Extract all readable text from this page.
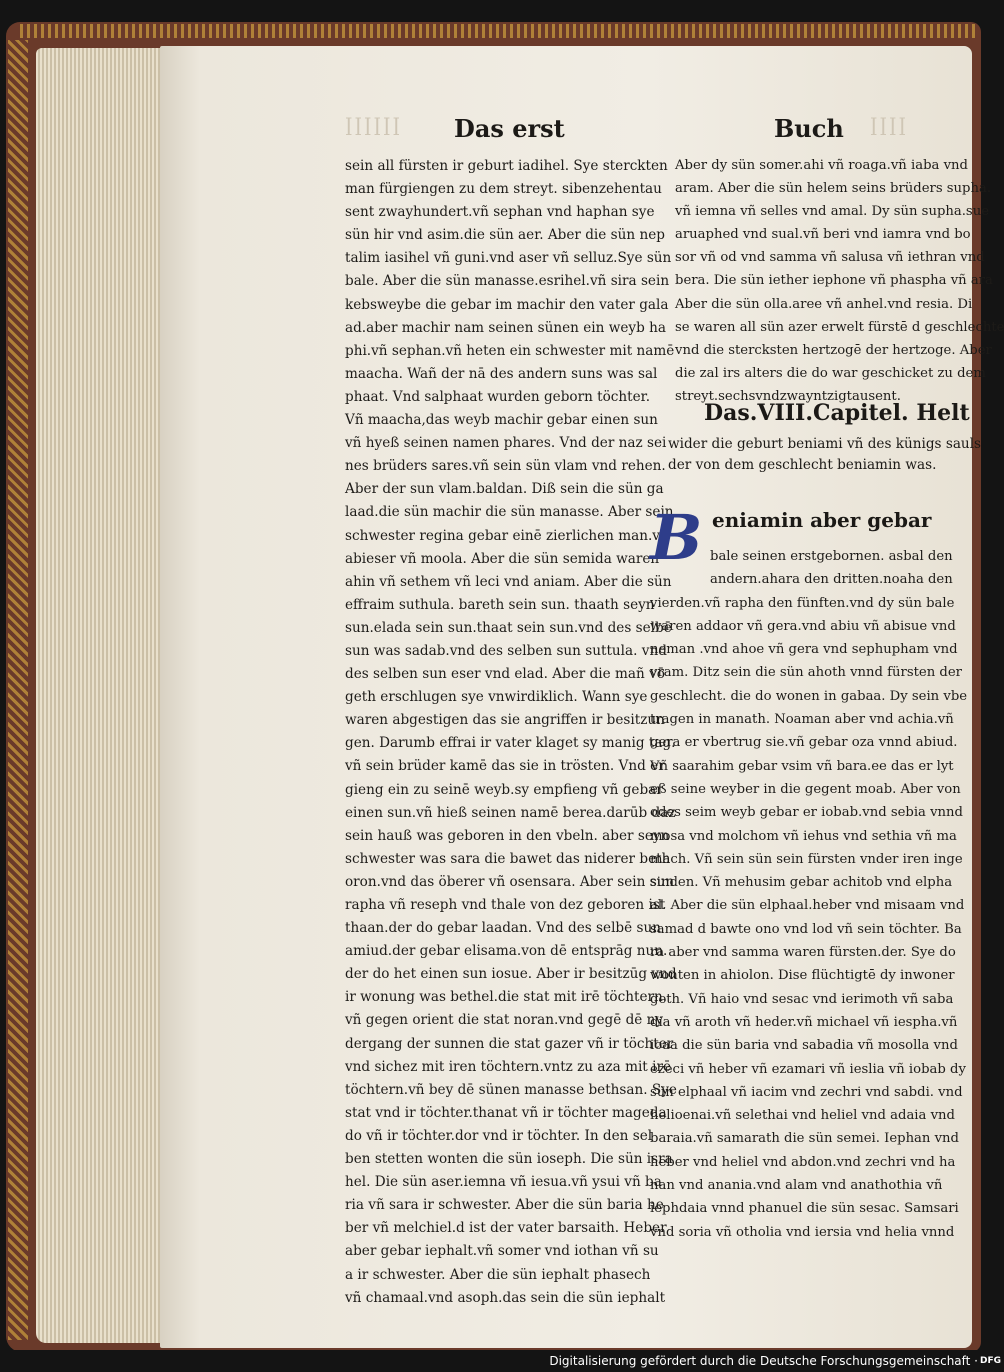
ꟾꟾꟾꟾꟾꟾ	ꟾꟾꟾꟾ
Das erst	Buch
sein all fürsten ir geburt iadihel. Sye sterckten
man fürgiengen zu dem streyt. sibenzehentau
sent zwayhundert.vñ sephan vnd haphan sye
sün hir vnd asim.die sün aer. Aber die sün nep
talim iasihel vñ guni.vnd aser vñ selluz.Sye sün
bale. Aber die sün manasse.esrihel.vñ sira sein
kebsweybe die gebar im machir den vater gala
ad.aber machir nam seinen sünen ein weyb ha
phi.vñ sephan.vñ heten ein schwester mit namē
maacha. Wañ der nā des andern suns was sal
phaat. Vnd salphaat wurden geborn töchter.
Vñ maacha,das weyb machir gebar einen sun
vñ hyeß seinen namen phares. Vnd der naz sei
nes brüders sares.vñ sein sün vlam vnd rehen.
Aber der sun vlam.baldan. Diß sein die sün ga
laad.die sün machir die sün manasse. Aber sein
schwester regina gebar einē zierlichen man.vñ
abieser vñ moola. Aber die sün semida waren
ahin vñ sethem vñ leci vnd aniam. Aber die sün
effraim suthula. bareth sein sun. thaath seyn
sun.elada sein sun.thaat sein sun.vnd des selbē
sun was sadab.vnd des selben sun suttula. vnd
des selben sun eser vnd elad. Aber die mañ vō
geth erschlugen sye vnwirdiklich. Wann sye
waren abgestigen das sie angriffen ir besitzun
gen. Darumb effrai ir vater klaget sy manig tag.
vñ sein brüder kamē das sie in trösten. Vnd er
gieng ein zu seinē weyb.sy empfieng vñ gebar
einen sun.vñ hieß seinen namē berea.darūb daz
sein hauß was geboren in den vbeln. aber seyn
schwester was sara die bawet das niderer beth
oron.vnd das öberer vñ osensara. Aber sein sun
rapha vñ reseph vnd thale von dez geboren ist
thaan.der do gebar laadan. Vnd des selbē sun
amiud.der gebar elisama.von dē entsprāg nun.
der do het einen sun iosue. Aber ir besitzūg vnd
ir wonung was bethel.die stat mit irē töchtern.
vñ gegen orient die stat noran.vnd gegē dē ny
dergang der sunnen die stat gazer vñ ir töchter
vnd sichez mit iren töchtern.vntz zu aza mit irē
töchtern.vñ bey dē sünen manasse bethsan. Sye
stat vnd ir töchter.thanat vñ ir töchter mageda
do vñ ir töchter.dor vnd ir töchter. In den sel
ben stetten wonten die sün ioseph. Die sün isra
hel. Die sün aser.iemna vñ iesua.vñ ysui vñ ba
ria vñ sara ir schwester. Aber die sün baria he
ber vñ melchiel.d ist der vater barsaith. Heber
aber gebar iephalt.vñ somer vnd iothan vñ su
a ir schwester. Aber die sün iephalt phasech
vñ chamaal.vnd asoph.das sein die sün iephalt
Aber dy sün somer.ahi vñ roaga.vñ iaba vnd
aram. Aber die sün helem seins brüders supha.
vñ iemna vñ selles vnd amal. Dy sün supha.sue
aruaphed vnd sual.vñ beri vnd iamra vnd bo
sor vñ od vnd samma vñ salusa vñ iethran vnd
bera. Die sün iether iephone vñ phaspha vñ ara
Aber die sün olla.aree vñ anhel.vnd resia. Di
se waren all sün azer erwelt fürstē d geschlechte
vnd die stercksten hertzogē der hertzoge. Aber
die zal irs alters die do war geschicket zu dem
streyt.sechsvndzwayntzigtausent.
Das.VIII.Capitel. Helt
wider die geburt beniami vñ des künigs sauls
der von dem geschlecht beniamin was.
B eniamin aber gebar
bale seinen erstgebornen. asbal den
andern.ahara den dritten.noaha den
vierden.vñ rapha den fünften.vnd dy sün bale
waren addaor vñ gera.vnd abiu vñ abisue vnd
neman .vnd ahoe vñ gera vnd sephupham vnd
vram. Ditz sein die sün ahoth vnnd fürsten der
geschlecht. die do wonen in gabaa. Dy sein vbe
tragen in manath. Noaman aber vnd achia.vñ
gera er vbertrug sie.vñ gebar oza vnnd abiud.
Vñ saarahim gebar vsim vñ bara.ee das er lyt
eß seine weyber in die gegent moab. Aber von
odes seim weyb gebar er iobab.vnd sebia vnnd
mosa vnd molchom vñ iehus vnd sethia vñ ma
mach. Vñ sein sün sein fürsten vnder iren inge
sinden. Vñ mehusim gebar achitob vnd elpha
al. Aber die sün elphaal.heber vnd misaam vnd
samad d bawte ono vnd lod vñ sein töchter. Ba
ra aber vnd samma waren fürsten.der. Sye do
wonten in ahiolon. Dise flüchtigtē dy inwoner
geth. Vñ haio vnd sesac vnd ierimoth vñ saba
dia vñ aroth vñ heder.vñ michael vñ iespha.vñ
ioaa die sün baria vnd sabadia vñ mosolla vnd
ezeci vñ heber vñ ezamari vñ ieslia vñ iobab dy
sün elphaal vñ iacim vnd zechri vnd sabdi. vnd
helioenai.vñ selethai vnd heliel vnd adaia vnd
baraia.vñ samarath die sün semei. Iephan vnd
heber vnd heliel vnd abdon.vnd zechri vnd ha
nan vnd anania.vnd alam vnd anathothia vñ
iephdaia vnnd phanuel die sün sesac. Samsari
vnd soria vñ otholia vnd iersia vnd helia vnnd
Digitalisierung gefördert durch die Deutsche Forschungsgemeinschaft · DFG
